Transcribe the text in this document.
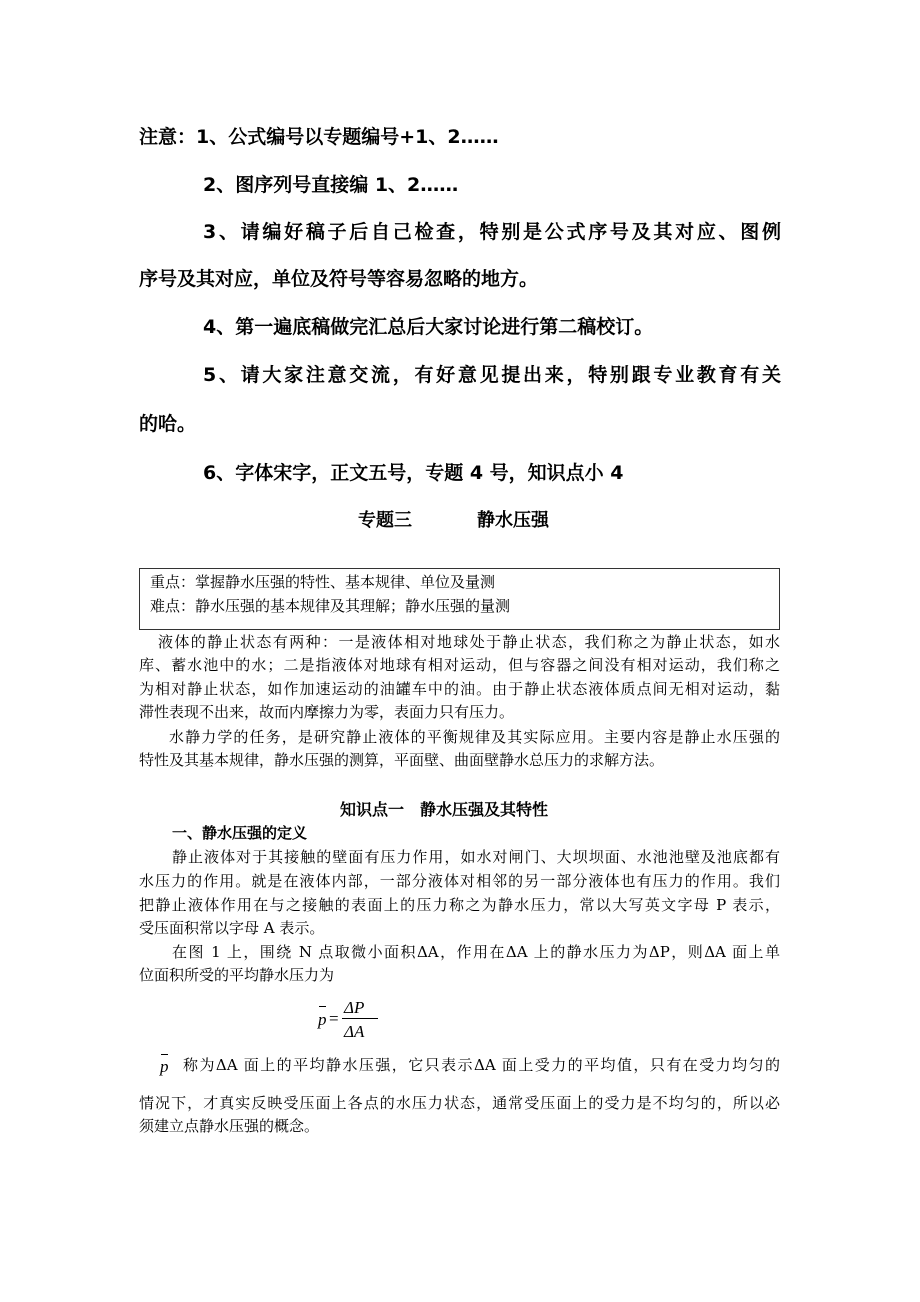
注意：1、公式编号以专题编号+1、2……
2、图序列号直接编 1、2……
3、请编好稿子后自己检查，特别是公式序号及其对应、图例
序号及其对应，单位及符号等容易忽略的地方。
4、第一遍底稿做完汇总后大家讨论进行第二稿校订。
5、请大家注意交流，有好意见提出来，特别跟专业教育有关
的哈。
6、字体宋字，正文五号，专题 4 号，知识点小 4
专题三	静水压强
重点：掌握静水压强的特性、基本规律、单位及量测
难点：静水压强的基本规律及其理解；静水压强的量测
液体的静止状态有两种：一是液体相对地球处于静止状态，我们称之为静止状态，如水
库、蓄水池中的水；二是指液体对地球有相对运动，但与容器之间没有相对运动，我们称之
为相对静止状态，如作加速运动的油罐车中的油。由于静止状态液体质点间无相对运动，黏
滞性表现不出来，故而内摩擦力为零，表面力只有压力。
水静力学的任务，是研究静止液体的平衡规律及其实际应用。主要内容是静止水压强的
特性及其基本规律，静水压强的测算，平面壁、曲面壁静水总压力的求解方法。
知识点一　静水压强及其特性
一、静水压强的定义
静止液体对于其接触的壁面有压力作用，如水对闸门、大坝坝面、水池池壁及池底都有
水压力的作用。就是在液体内部，一部分液体对相邻的另一部分液体也有压力的作用。我们
把静止液体作用在与之接触的表面上的压力称之为静水压力，常以大写英文字母 P 表示，
受压面积常以字母 A 表示。
在图 1 上，围绕 N 点取微小面积ΔA，作用在ΔA 上的静水压力为ΔP，则ΔA 面上单
位面积所受的平均静水压力为
p =
ΔP
ΔA
p 称为ΔA 面上的平均静水压强，它只表示ΔA 面上受力的平均值，只有在受力均匀的
情况下，才真实反映受压面上各点的水压力状态，通常受压面上的受力是不均匀的，所以必
须建立点静水压强的概念。
